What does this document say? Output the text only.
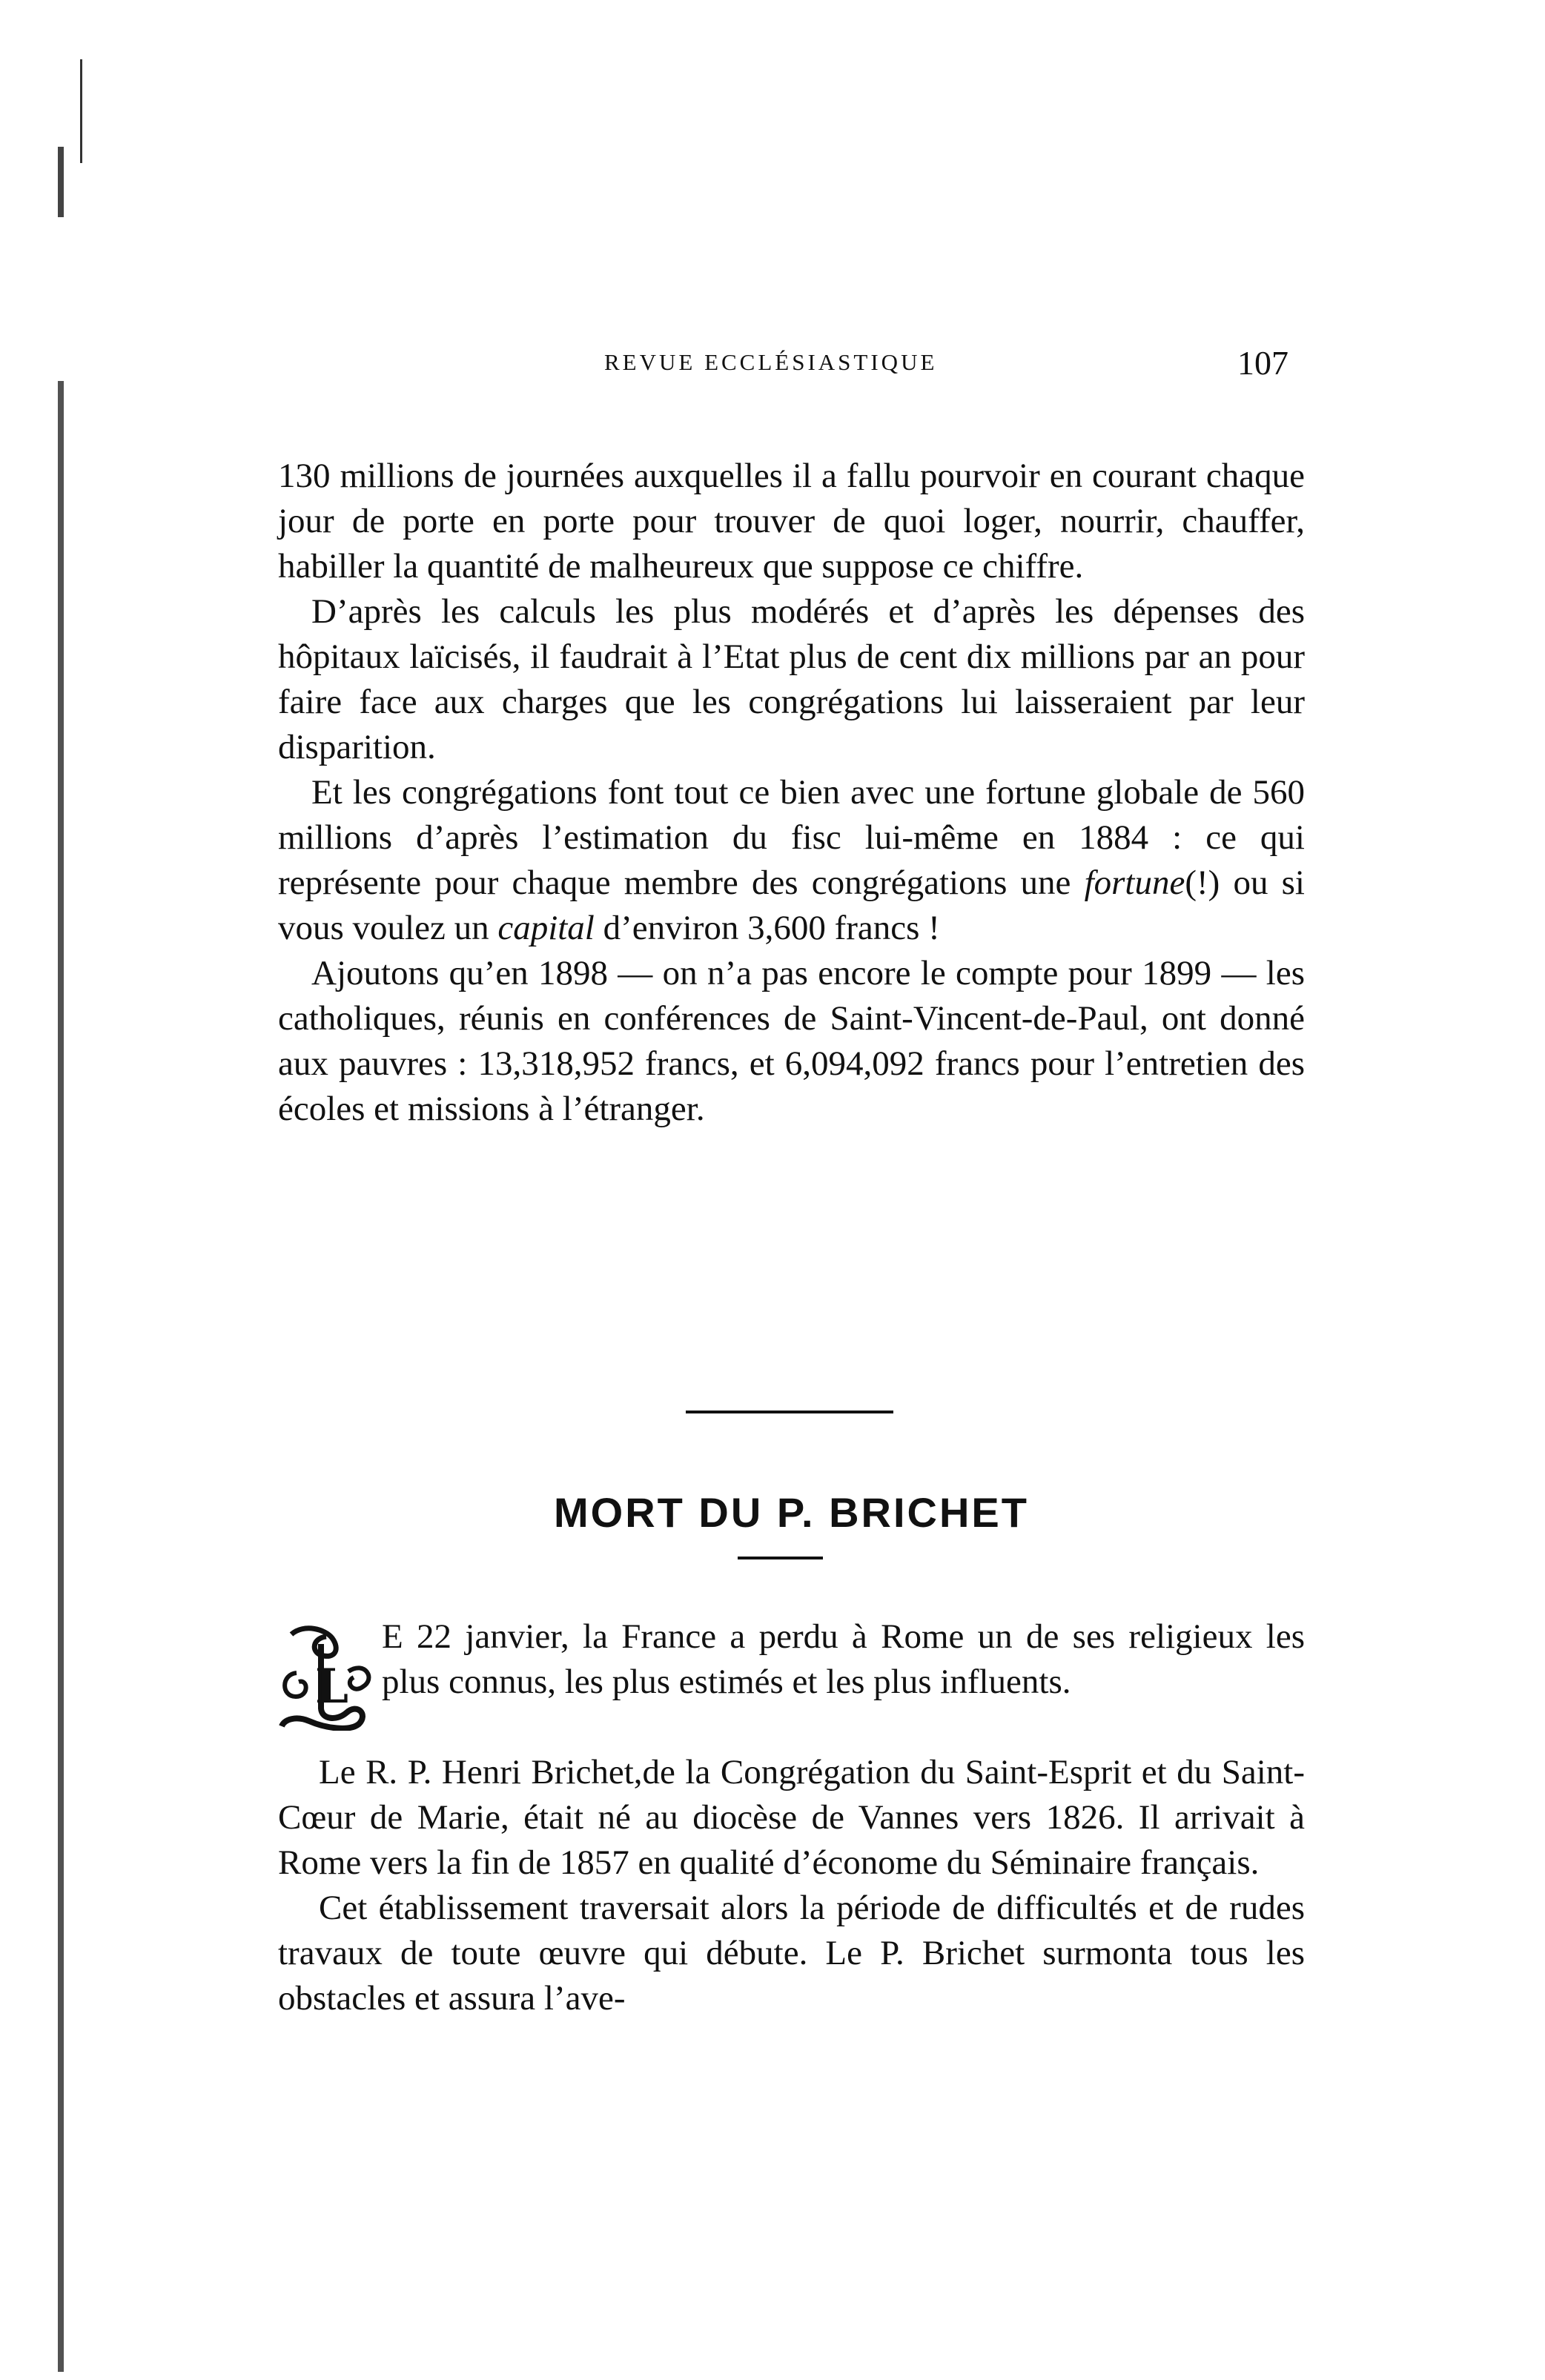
REVUE ECCLÉSIASTIQUE	107

130 millions de journées auxquelles il a fallu pourvoir en courant chaque jour de porte en porte pour trouver de quoi loger, nourrir, chauffer, habiller la quantité de malheureux que suppose ce chiffre.

D’après les calculs les plus modérés et d’après les dépenses des hôpitaux laïcisés, il faudrait à l’Etat plus de cent dix millions par an pour faire face aux charges que les congrégations lui laisseraient par leur disparition.

Et les congrégations font tout ce bien avec une fortune globale de 560 millions d’après l’estimation du fisc lui-même en 1884 : ce qui représente pour chaque membre des congrégations une fortune(!) ou si vous voulez un capital d’environ 3,600 francs !

Ajoutons qu’en 1898 — on n’a pas encore le compte pour 1899 — les catholiques, réunis en conférences de Saint-Vincent-de-Paul, ont donné aux pauvres : 13,318,952 francs, et 6,094,092 francs pour l’entretien des écoles et missions à l’étranger.

MORT DU P. BRICHET
L

E 22 janvier, la France a perdu à Rome un de ses religieux les plus connus, les plus estimés et les plus influents.

Le R. P. Henri Brichet,de la Congrégation du Saint-Esprit et du Saint-Cœur de Marie, était né au diocèse de Vannes vers 1826. Il arrivait à Rome vers la fin de 1857 en qualité d’économe du Séminaire français.

Cet établissement traversait alors la période de difficultés et de rudes travaux de toute œuvre qui débute. Le P. Brichet surmonta tous les obstacles et assura l’ave-
